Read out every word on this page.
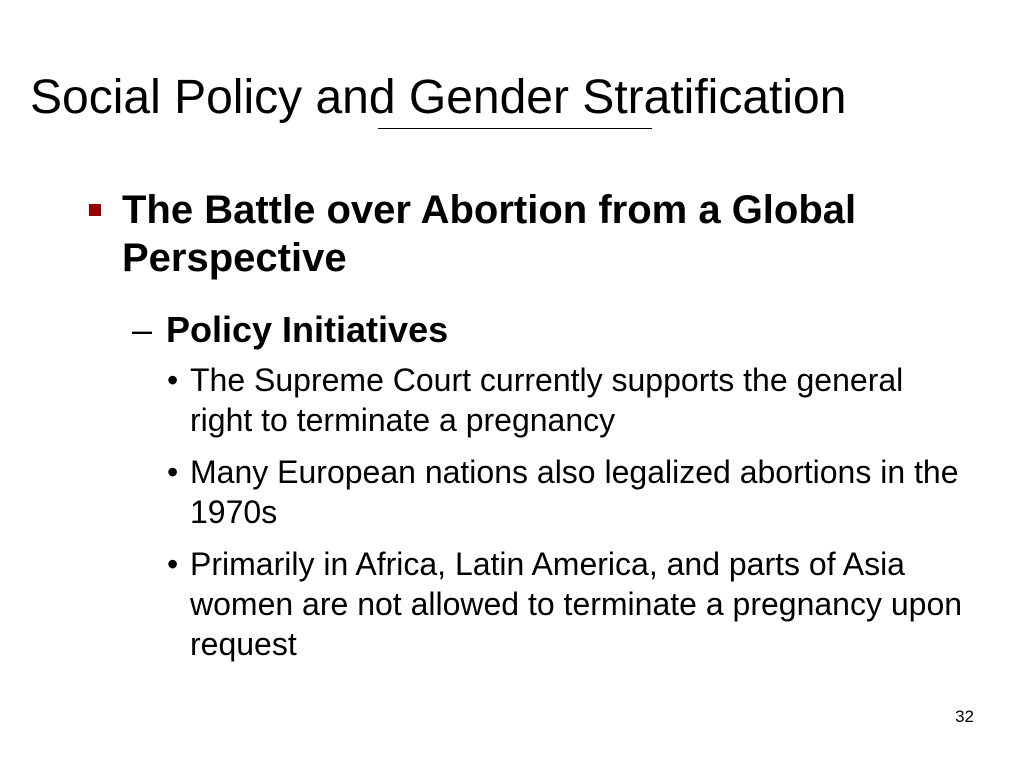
Social Policy and Gender Stratification
The Battle over Abortion from a Global Perspective
– Policy Initiatives
• The Supreme Court currently supports the general right to terminate a pregnancy
• Many European nations also legalized abortions in the 1970s
• Primarily in Africa, Latin America, and parts of Asia women are not allowed to terminate a pregnancy upon request
32
